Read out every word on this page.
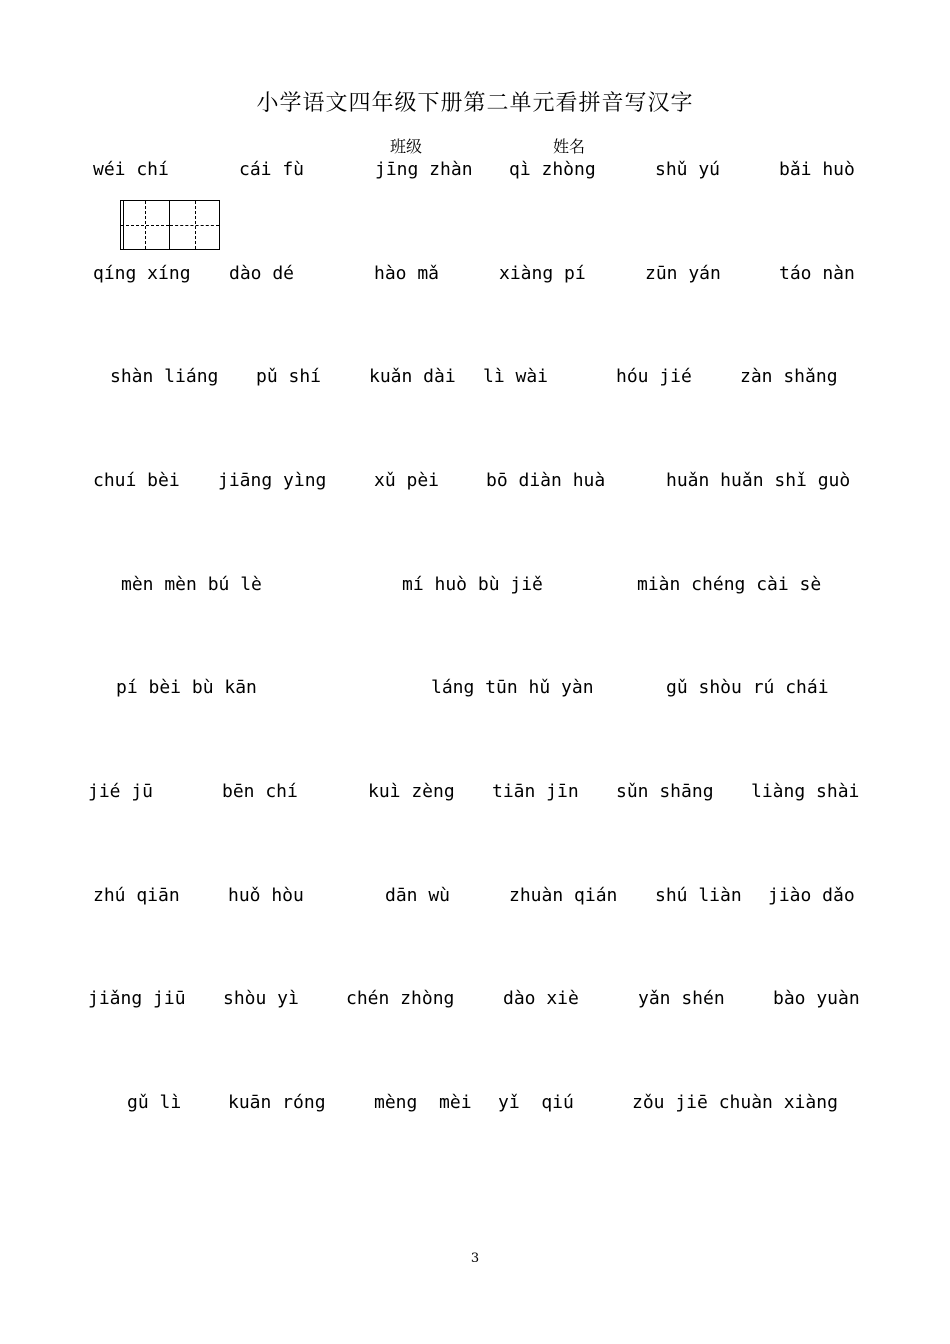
小学语文四年级下册第二单元看拼音写汉字
班级	姓名
wéi chí	cái fù	jīng zhàn qì zhòng	shǔ yú	bǎi huò
qíng xíng dào dé	hào mǎ	xiàng pí	zūn yán	táo nàn
shàn liáng pǔ shí	kuǎn dài lì wài	hóu jié	zàn shǎng
chuí bèi jiāng yìng	xǔ pèi	bō diàn huà	huǎn huǎn shǐ guò
mèn mèn bú lè	mí huò bù jiě	miàn chéng cài sè
pí bèi bù kān	láng tūn hǔ yàn	gǔ shòu rú chái
jié jū	bēn chí	kuì zèng tiān jīn sǔn shāng liàng shài
zhú qiān	huǒ hòu	dān wù	zhuàn qián shú liàn jiào dǎo
jiǎng jiū shòu yì	chén zhòng	dào xiè	yǎn shén	bào yuàn
gǔ lì	kuān róng	mèng  mèi yǐ  qiú	zǒu jiē chuàn xiàng
3
